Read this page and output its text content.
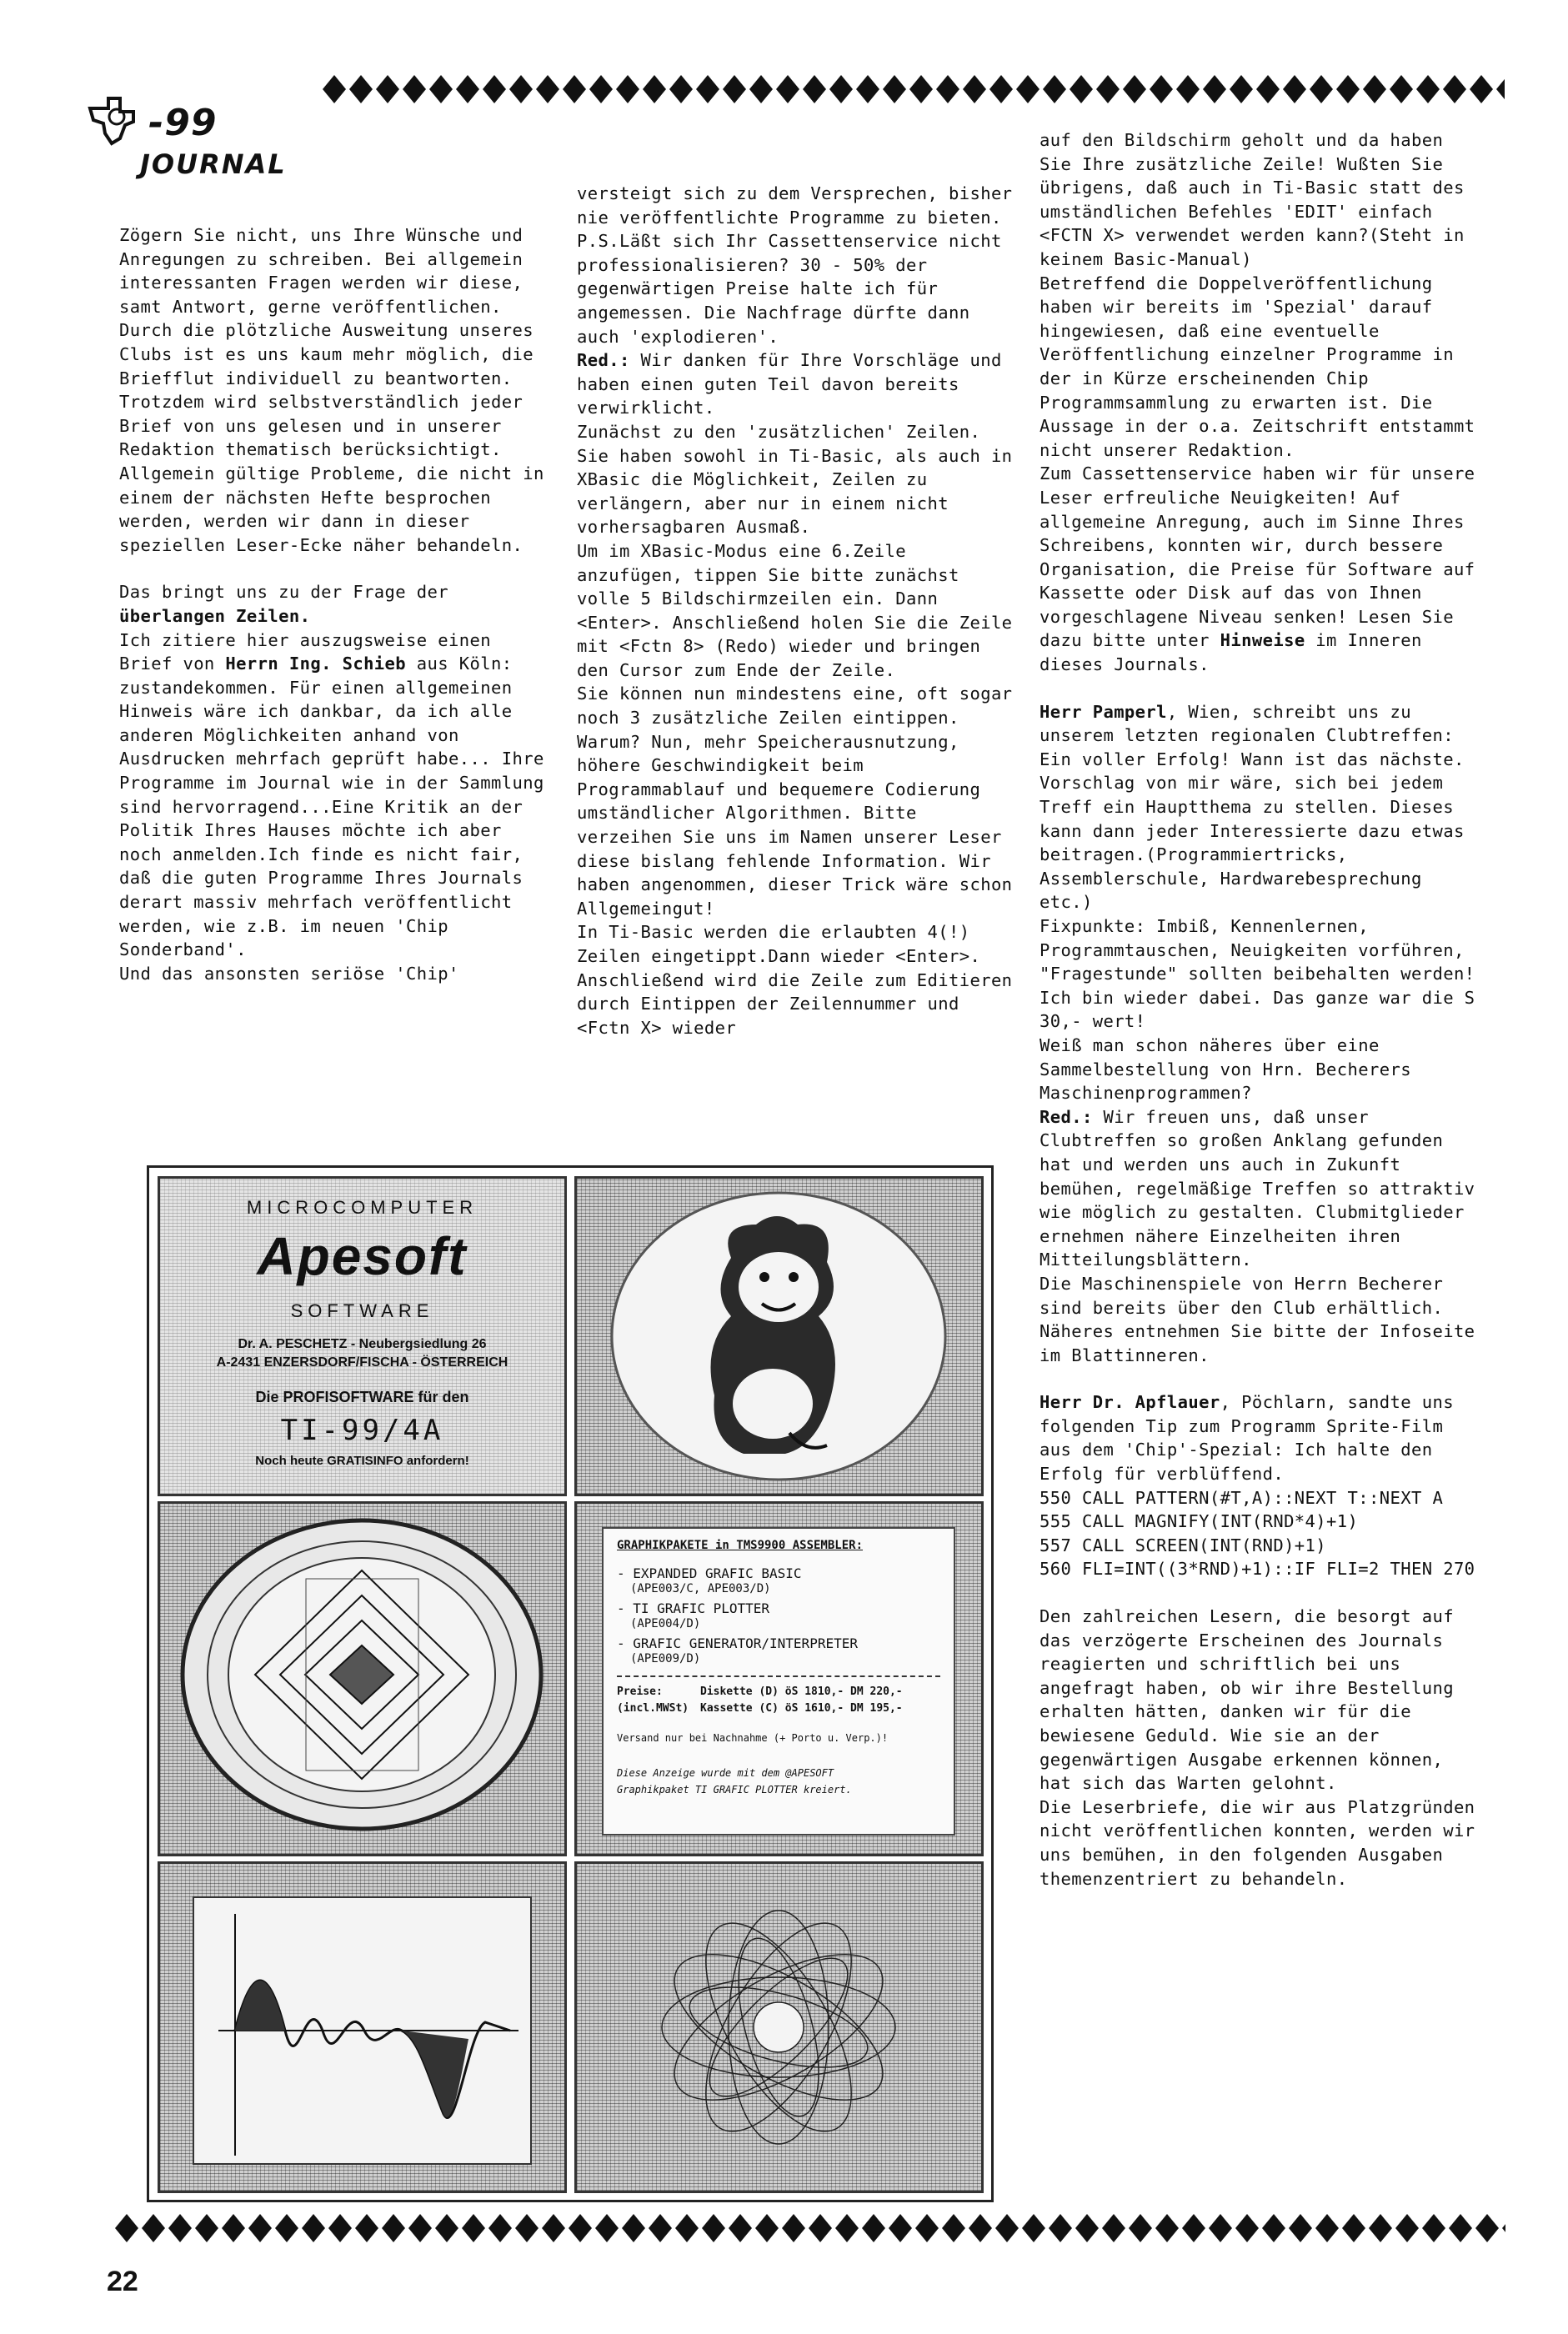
-99
JOURNAL

Zögern Sie nicht, uns Ihre Wünsche und Anregungen zu schreiben. Bei allgemein interessanten Fragen werden wir diese, samt Antwort, gerne veröffentlichen.

Durch die plötzliche Ausweitung unseres Clubs ist es uns kaum mehr möglich, die Briefflut individuell zu beantworten.

Trotzdem wird selbstverständlich jeder Brief von uns gelesen und in unserer Redaktion thematisch berücksichtigt.

Allgemein gültige Probleme, die nicht in einem der nächsten Hefte besprochen werden, werden wir dann in dieser speziellen Leser-Ecke näher behandeln.

Das bringt uns zu der Frage der überlangen Zeilen.

Ich zitiere hier auszugsweise einen Brief von Herrn Ing. Schieb aus Köln:

zustandekommen. Für einen allgemeinen Hinweis wäre ich dankbar, da ich alle anderen Möglichkeiten anhand von Ausdrucken mehrfach geprüft habe... Ihre Programme im Journal wie in der Sammlung sind hervorragend...Eine Kritik an der Politik Ihres Hauses möchte ich aber noch anmelden.Ich finde es nicht fair, daß die guten Programme Ihres Journals derart massiv mehrfach veröffentlicht werden, wie z.B. im neuen 'Chip Sonderband'.

Und das ansonsten seriöse 'Chip'

versteigt sich zu dem Versprechen, bisher nie veröffentlichte Programme zu bieten.

P.S.Läßt sich Ihr Cassettenservice nicht professionalisieren? 30 - 50% der gegenwärtigen Preise halte ich für angemessen. Die Nachfrage dürfte dann auch 'explodieren'.

Red.: Wir danken für Ihre Vorschläge und haben einen guten Teil davon bereits verwirklicht.

Zunächst zu den 'zusätzlichen' Zeilen. Sie haben sowohl in Ti-Basic, als auch in XBasic die Möglichkeit, Zeilen zu verlängern, aber nur in einem nicht vorhersagbaren Ausmaß.

Um im XBasic-Modus eine 6.Zeile anzufügen, tippen Sie bitte zunächst volle 5 Bildschirmzeilen ein. Dann <Enter>. Anschließend holen Sie die Zeile mit <Fctn 8> (Redo) wieder und bringen den Cursor zum Ende der Zeile.

Sie können nun mindestens eine, oft sogar noch 3 zusätzliche Zeilen eintippen.

Warum? Nun, mehr Speicherausnutzung, höhere Geschwindigkeit beim Programmablauf und bequemere Codierung umständlicher Algorithmen. Bitte verzeihen Sie uns im Namen unserer Leser diese bislang fehlende Information. Wir haben angenommen, dieser Trick wäre schon Allgemeingut!

In Ti-Basic werden die erlaubten 4(!) Zeilen eingetippt.Dann wieder <Enter>. Anschließend wird die Zeile zum Editieren durch Eintippen der Zeilennummer und <Fctn X> wieder

auf den Bildschirm geholt und da haben Sie Ihre zusätzliche Zeile! Wußten Sie übrigens, daß auch in Ti-Basic statt des umständlichen Befehles 'EDIT' einfach <FCTN X> verwendet werden kann?(Steht in keinem Basic-Manual)

Betreffend die Doppelveröffentlichung haben wir bereits im 'Spezial' darauf hingewiesen, daß eine eventuelle Veröffentlichung einzelner Programme in der in Kürze erscheinenden Chip Programmsammlung zu erwarten ist. Die Aussage in der o.a. Zeitschrift entstammt nicht unserer Redaktion.

Zum Cassettenservice haben wir für unsere Leser erfreuliche Neuigkeiten! Auf allgemeine Anregung, auch im Sinne Ihres Schreibens, konnten wir, durch bessere Organisation, die Preise für Software auf Kassette oder Disk auf das von Ihnen vorgeschlagene Niveau senken! Lesen Sie dazu bitte unter Hinweise im Inneren dieses Journals.

Herr Pamperl, Wien, schreibt uns zu unserem letzten regionalen Clubtreffen:

Ein voller Erfolg! Wann ist das nächste. Vorschlag von mir wäre, sich bei jedem Treff ein Hauptthema zu stellen. Dieses kann dann jeder Interessierte dazu etwas beitragen.(Programmiertricks, Assemblerschule, Hardwarebesprechung etc.)

Fixpunkte: Imbiß, Kennenlernen, Programmtauschen, Neuigkeiten vorführen, "Fragestunde" sollten beibehalten werden! Ich bin wieder dabei. Das ganze war die S 30,- wert!

Weiß man schon näheres über eine Sammelbestellung von Hrn. Becherers Maschinenprogrammen?

Red.: Wir freuen uns, daß unser Clubtreffen so großen Anklang gefunden hat und werden uns auch in Zukunft bemühen, regelmäßige Treffen so attraktiv wie möglich zu gestalten. Clubmitglieder ernehmen nähere Einzelheiten ihren Mitteilungsblättern.

Die Maschinenspiele von Herrn Becherer sind bereits über den Club erhältlich. Näheres entnehmen Sie bitte der Infoseite im Blattinneren.

Herr Dr. Apflauer, Pöchlarn, sandte uns folgenden Tip zum Programm Sprite-Film aus dem 'Chip'-Spezial: Ich halte den Erfolg für verblüffend.

550 CALL PATTERN(#T,A)::NEXT T::NEXT A

555 CALL MAGNIFY(INT(RND*4)+1)

557 CALL SCREEN(INT(RND)+1)

560 FLI=INT((3*RND)+1)::IF FLI=2 THEN 270

Den zahlreichen Lesern, die besorgt auf das verzögerte Erscheinen des Journals reagierten und schriftlich bei uns angefragt haben, ob wir ihre Bestellung erhalten hätten, danken wir für die bewiesene Geduld. Wie sie an der gegenwärtigen Ausgabe erkennen können, hat sich das Warten gelohnt.

Die Leserbriefe, die wir aus Platzgründen nicht veröffentlichen konnten, werden wir uns bemühen, in den folgenden Ausgaben themenzentriert zu behandeln.

MICROCOMPUTER
Apesoft
SOFTWARE
Dr. A. PESCHETZ - Neubergsiedlung 26
A-2431 ENZERSDORF/FISCHA - ÖSTERREICH
Die PROFISOFTWARE für den
TI-99/4A
Noch heute GRATISINFO anfordern!
GRAPHIKPAKETE in TMS9900 ASSEMBLER:
- EXPANDED GRAFIC BASIC
(APE003/C, APE003/D)
- TI GRAFIC PLOTTER
(APE004/D)
- GRAFIC GENERATOR/INTERPRETER
(APE009/D)
Preise:	Diskette (D) öS 1810,- DM 220,-
(incl.MWSt) Kassette (C) öS 1610,- DM 195,-
Versand nur bei Nachnahme (+ Porto u. Verp.)!
Diese Anzeige wurde mit dem @APESOFT
Graphikpaket TI GRAFIC PLOTTER kreiert.
22
